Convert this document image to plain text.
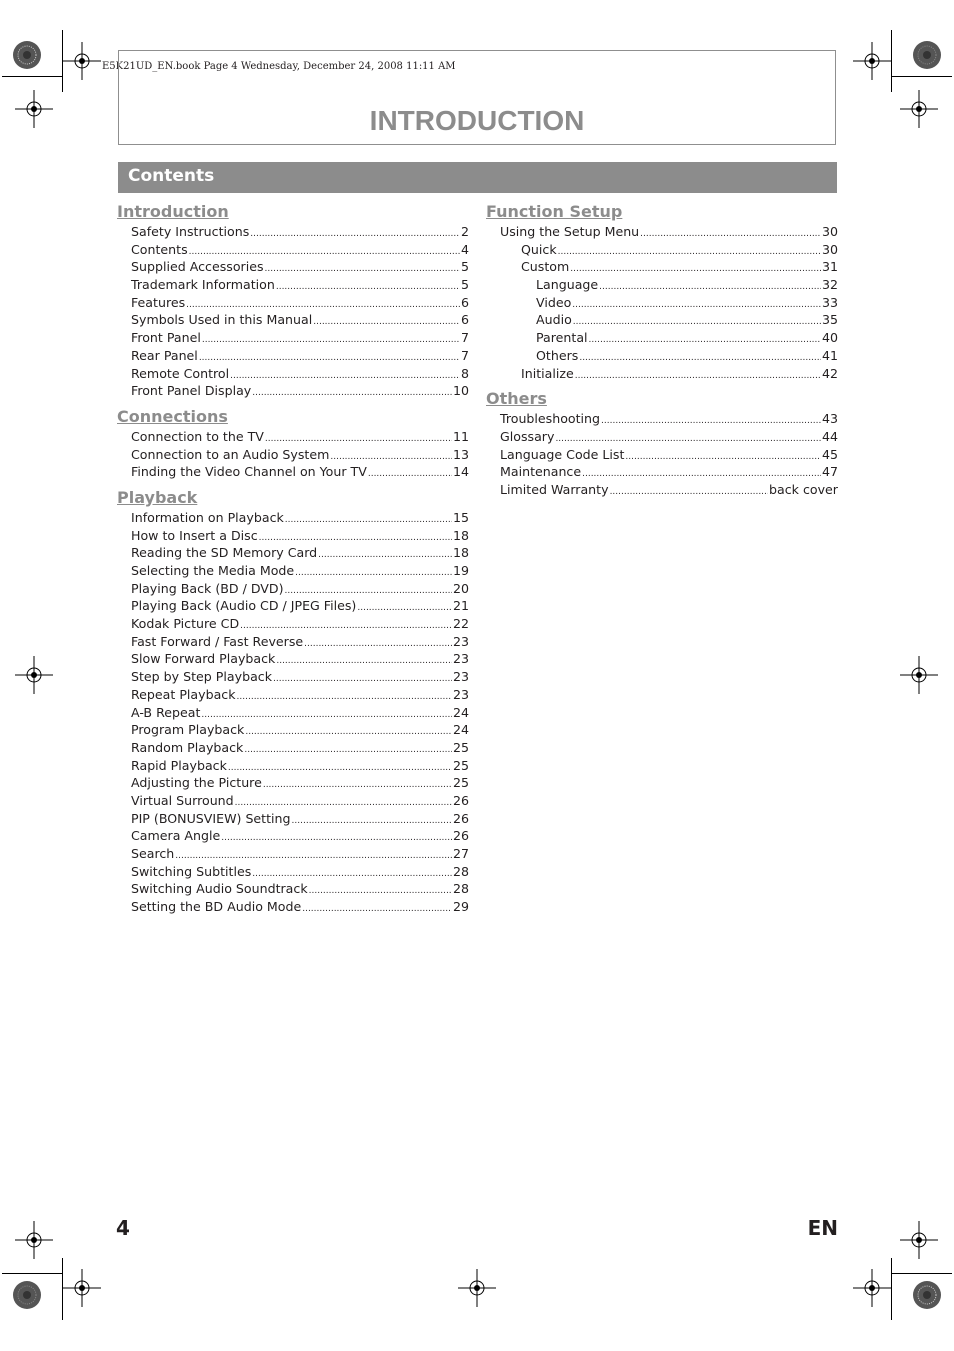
E5K21UD_EN.book Page 4 Wednesday, December 24, 2008 11:11 AM
INTRODUCTION
Contents
Introduction
Safety Instructions .....	2
Contents .....	4
Supplied Accessories .....	5
Trademark Information .....	5
Features .....	6
Symbols Used in this Manual .....	6
Front Panel .....	7
Rear Panel .....	7
Remote Control .....	8
Front Panel Display .....	10
Connections
Connection to the TV .....	11
Connection to an Audio System .....	13
Finding the Video Channel on Your TV .....	14
Playback
Information on Playback .....	15
How to Insert a Disc .....	18
Reading the SD Memory Card .....	18
Selecting the Media Mode .....	19
Playing Back (BD / DVD) .....	20
Playing Back (Audio CD / JPEG Files) .....	21
Kodak Picture CD .....	22
Fast Forward / Fast Reverse .....	23
Slow Forward Playback .....	23
Step by Step Playback .....	23
Repeat Playback .....	23
A-B Repeat .....	24
Program Playback .....	24
Random Playback .....	25
Rapid Playback .....	25
Adjusting the Picture .....	25
Virtual Surround .....	26
PIP (BONUSVIEW) Setting .....	26
Camera Angle .....	26
Search .....	27
Switching Subtitles .....	28
Switching Audio Soundtrack .....	28
Setting the BD Audio Mode .....	29
Function Setup
Using the Setup Menu .....	30
Quick .....	30
Custom .....	31
Language .....	32
Video .....	33
Audio .....	35
Parental .....	40
Others .....	41
Initialize .....	42
Others
Troubleshooting .....	43
Glossary .....	44
Language Code List .....	45
Maintenance .....	47
Limited Warranty .....	back cover
4	EN
